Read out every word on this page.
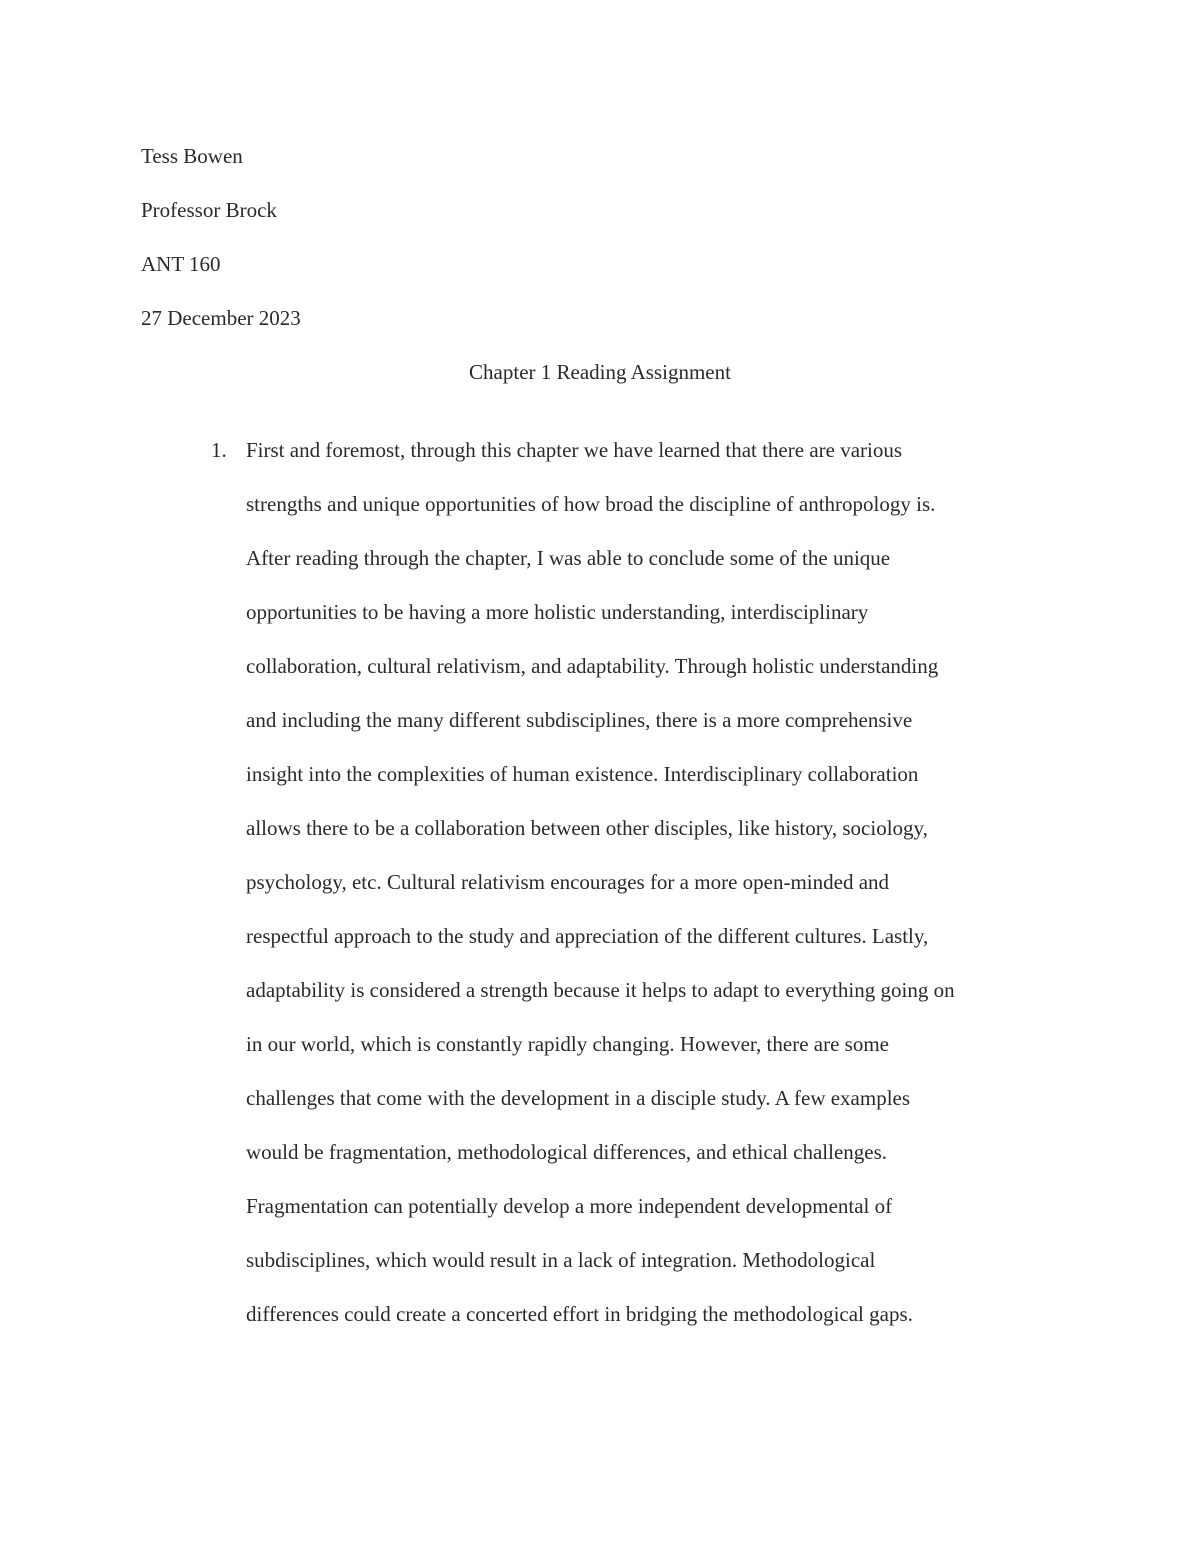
Tess Bowen
Professor Brock
ANT 160
27 December 2023
Chapter 1 Reading Assignment
1. First and foremost, through this chapter we have learned that there are various
strengths and unique opportunities of how broad the discipline of anthropology is.
After reading through the chapter, I was able to conclude some of the unique
opportunities to be having a more holistic understanding, interdisciplinary
collaboration, cultural relativism, and adaptability. Through holistic understanding
and including the many different subdisciplines, there is a more comprehensive
insight into the complexities of human existence. Interdisciplinary collaboration
allows there to be a collaboration between other disciples, like history, sociology,
psychology, etc. Cultural relativism encourages for a more open-minded and
respectful approach to the study and appreciation of the different cultures. Lastly,
adaptability is considered a strength because it helps to adapt to everything going on
in our world, which is constantly rapidly changing. However, there are some
challenges that come with the development in a disciple study. A few examples
would be fragmentation, methodological differences, and ethical challenges.
Fragmentation can potentially develop a more independent developmental of
subdisciplines, which would result in a lack of integration. Methodological
differences could create a concerted effort in bridging the methodological gaps.
